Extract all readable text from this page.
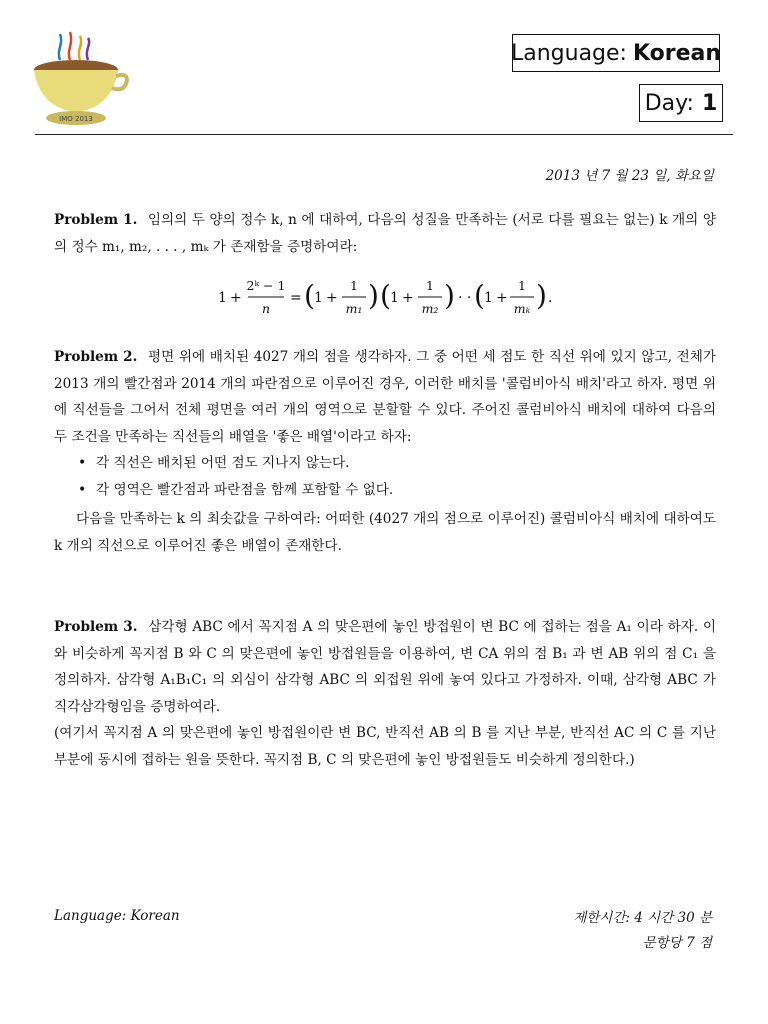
IMO 2013
Language: Korean
Day: 1
2013 년 7 월 23 일, 화요일
Problem 1. 임의의 두 양의 정수 k, n 에 대하여, 다음의 성질을 만족하는 (서로 다를 필요는 없는) k 개의 양의 정수 m₁, m₂, . . . , mₖ 가 존재함을 증명하여라:
1 +
2ᵏ − 1
n
= ( 1 +
1
m₁ ) ( 1 +
1
m₂ ) · · ·
( 1 +
1
mₖ ) .
Problem 2. 평면 위에 배치된 4027 개의 점을 생각하자. 그 중 어떤 세 점도 한 직선 위에 있지 않고, 전체가 2013 개의 빨간점과 2014 개의 파란점으로 이루어진 경우, 이러한 배치를 '콜럼비아식 배치'라고 하자. 평면 위에 직선들을 그어서 전체 평면을 여러 개의 영역으로 분할할 수 있다. 주어진 콜럼비아식 배치에 대하여 다음의 두 조건을 만족하는 직선들의 배열을 '좋은 배열'이라고 하자:
• 각 직선은 배치된 어떤 점도 지나지 않는다.
• 각 영역은 빨간점과 파란점을 함께 포함할 수 없다.
다음을 만족하는 k 의 최솟값을 구하여라: 어떠한 (4027 개의 점으로 이루어진) 콜럼비아식 배치에 대하여도 k 개의 직선으로 이루어진 좋은 배열이 존재한다.
Problem 3. 삼각형 ABC 에서 꼭지점 A 의 맞은편에 놓인 방접원이 변 BC 에 접하는 점을 A₁ 이라 하자. 이와 비슷하게 꼭지점 B 와 C 의 맞은편에 놓인 방접원들을 이용하여, 변 CA 위의 점 B₁ 과 변 AB 위의 점 C₁ 을 정의하자. 삼각형 A₁B₁C₁ 의 외심이 삼각형 ABC 의 외접원 위에 놓여 있다고 가정하자. 이때, 삼각형 ABC 가 직각삼각형임을 증명하여라.
(여기서 꼭지점 A 의 맞은편에 놓인 방접원이란 변 BC, 반직선 AB 의 B 를 지난 부분, 반직선 AC 의 C 를 지난 부분에 동시에 접하는 원을 뜻한다. 꼭지점 B, C 의 맞은편에 놓인 방접원들도 비슷하게 정의한다.)
Language: Korean	제한시간: 4 시간 30 분
문항당 7 점
